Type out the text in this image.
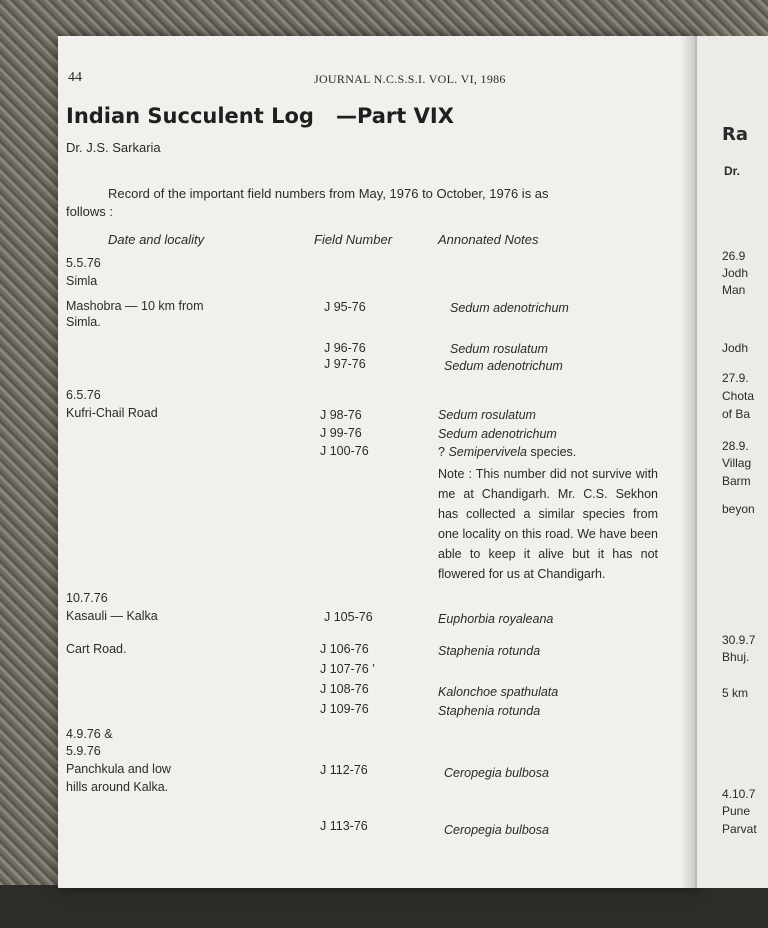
44	JOURNAL N.C.S.S.I. VOL. VI, 1986
Indian Succulent Log —Part VIX
Dr. J.S. Sarkaria
Record of the important field numbers from May, 1976 to October, 1976 is as
follows :
Date and locality	Field Number	Annonated Notes
5.5.76
Simla
Mashobra — 10 km from	J 95-76	Sedum adenotrichum
Simla.
J 96-76	Sedum rosulatum
J 97-76	Sedum adenotrichum
6.5.76
Kufri-Chail Road	J 98-76	Sedum rosulatum
J 99-76	Sedum adenotrichum
J 100-76	? Semipervivela species.
Note : This number did not survive with me at Chandigarh. Mr. C.S. Sekhon has collected a similar species from one locality on this road. We have been able to keep it alive but it has not flowered for us at Chandigarh.
10.7.76
Kasauli — Kalka	J 105-76	Euphorbia royaleana
Cart Road.	J 106-76	Staphenia rotunda
J 107-76 ’
J 108-76	Kalonchoe spathulata
J 109-76	Staphenia rotunda
4.9.76 &
5.9.76
Panchkula and low	J 112-76	Ceropegia bulbosa
hills around Kalka.
J 113-76	Ceropegia bulbosa
Ra
Dr.
26.9
Jodh
Man
Jodh
27.9.
Chota
of Ba
28.9.
Villag
Barm
beyon
30.9.7
Bhuj.
5 km
4.10.7
Pune
Parvat
